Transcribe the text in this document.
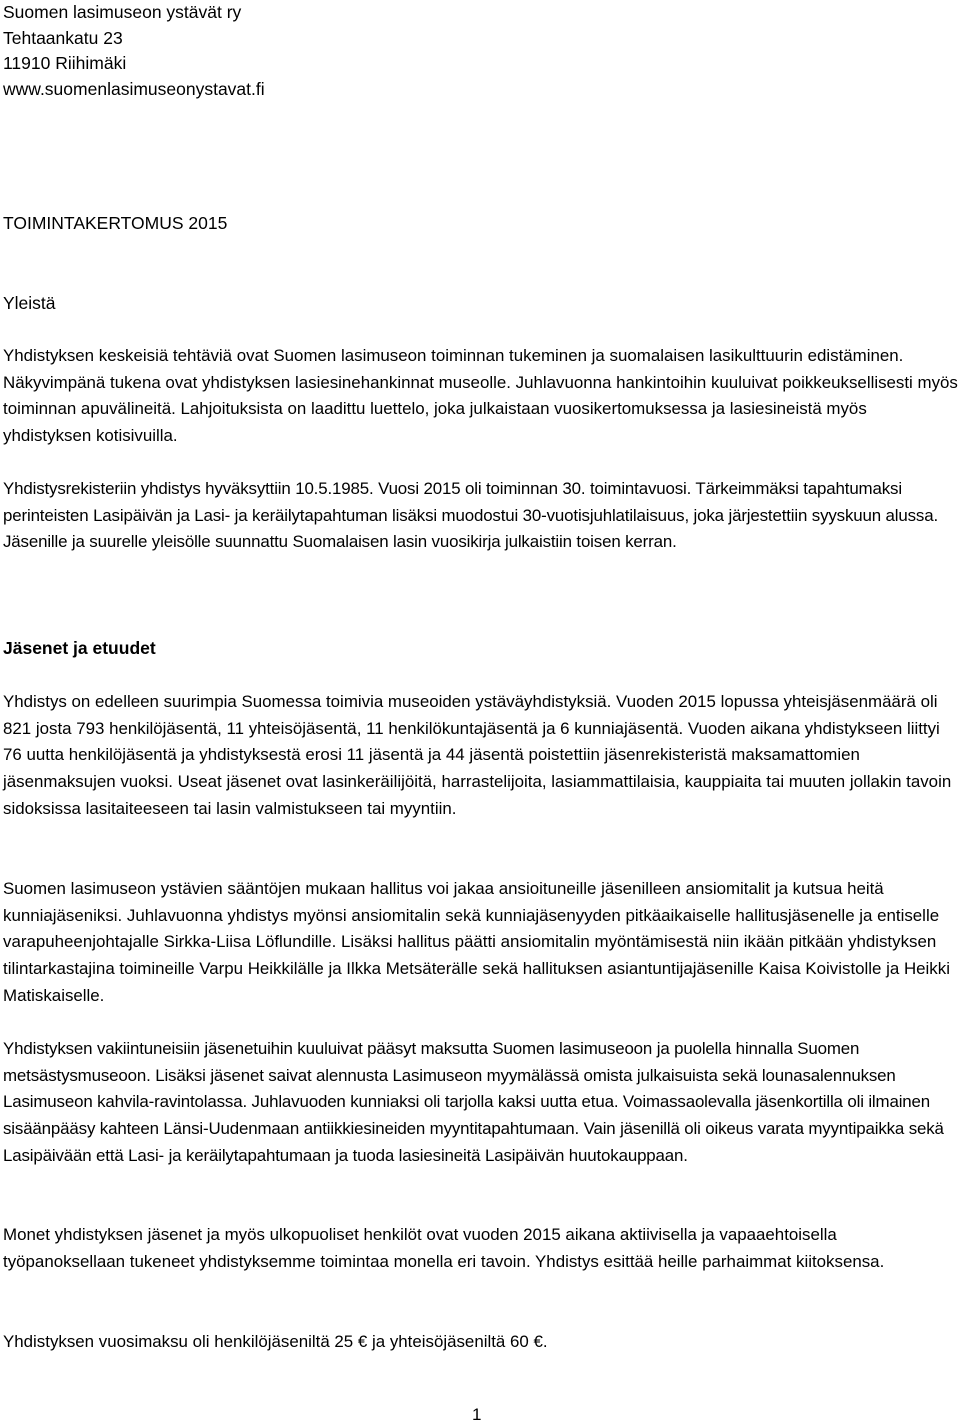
Suomen lasimuseon ystävät ry
Tehtaankatu 23
11910 Riihimäki
www.suomenlasimuseonystavat.fi
TOIMINTAKERTOMUS 2015
Yleistä

Yhdistyksen keskeisiä tehtäviä ovat Suomen lasimuseon toiminnan tukeminen ja suomalaisen lasikulttuurin edistäminen. Näkyvimpänä tukena ovat yhdistyksen lasiesinehankinnat museolle. Juhlavuonna hankintoihin kuuluivat poikkeuksellisesti myös toiminnan apuvälineitä. Lahjoituksista on laadittu luettelo, joka julkaistaan vuosikertomuksessa ja lasiesineistä myös yhdistyksen kotisivuilla.

Yhdistysrekisteriin yhdistys hyväksyttiin 10.5.1985. Vuosi 2015 oli toiminnan 30. toimintavuosi. Tärkeimmäksi tapahtumaksi perinteisten Lasipäivän ja Lasi- ja keräilytapahtuman lisäksi muodostui 30-vuotisjuhlatilaisuus, joka järjestettiin syyskuun alussa. Jäsenille ja suurelle yleisölle suunnattu Suomalaisen lasin vuosikirja julkaistiin toisen kerran.

Jäsenet ja etuudet

Yhdistys on edelleen suurimpia Suomessa toimivia museoiden ystäväyhdistyksiä. Vuoden 2015 lopussa yhteisjäsenmäärä oli 821 josta 793 henkilöjäsentä, 11 yhteisöjäsentä, 11 henkilökuntajäsentä ja 6 kunniajäsentä. Vuoden aikana yhdistykseen liittyi 76 uutta henkilöjäsentä ja yhdistyksestä erosi 11 jäsentä ja 44 jäsentä poistettiin jäsenrekisteristä maksamattomien jäsenmaksujen vuoksi. Useat jäsenet ovat lasinkeräilijöitä, harrastelijoita, lasiammattilaisia, kauppiaita tai muuten jollakin tavoin sidoksissa lasitaiteeseen tai lasin valmistukseen tai myyntiin.

Suomen lasimuseon ystävien sääntöjen mukaan hallitus voi jakaa ansioituneille jäsenilleen ansiomitalit ja kutsua heitä kunniajäseniksi. Juhlavuonna yhdistys myönsi ansiomitalin sekä kunniajäsenyyden pitkäaikaiselle hallitusjäsenelle ja entiselle varapuheenjohtajalle Sirkka-Liisa Löflundille. Lisäksi hallitus päätti ansiomitalin myöntämisestä niin ikään pitkään yhdistyksen tilintarkastajina toimineille Varpu Heikkilälle ja Ilkka Metsäterälle sekä hallituksen asiantuntijajäsenille Kaisa Koivistolle ja Heikki Matiskaiselle.

Yhdistyksen vakiintuneisiin jäsenetuihin kuuluivat pääsyt maksutta Suomen lasimuseoon ja puolella hinnalla Suomen metsästysmuseoon. Lisäksi jäsenet saivat alennusta Lasimuseon myymälässä omista julkaisuista sekä lounasalennuksen Lasimuseon kahvila-ravintolassa. Juhlavuoden kunniaksi oli tarjolla kaksi uutta etua. Voimassaolevalla jäsenkortilla oli ilmainen sisäänpääsy kahteen Länsi-Uudenmaan antiikkiesineiden myyntitapahtumaan. Vain jäsenillä oli oikeus varata myyntipaikka sekä Lasipäivään että Lasi- ja keräilytapahtumaan ja tuoda lasiesineitä Lasipäivän huutokauppaan.

Monet yhdistyksen jäsenet ja myös ulkopuoliset henkilöt ovat vuoden 2015 aikana aktiivisella ja vapaaehtoisella työpanoksellaan tukeneet yhdistyksemme toimintaa monella eri tavoin. Yhdistys esittää heille parhaimmat kiitoksensa.

Yhdistyksen vuosimaksu oli henkilöjäseniltä 25 € ja yhteisöjäseniltä 60 €.

1
